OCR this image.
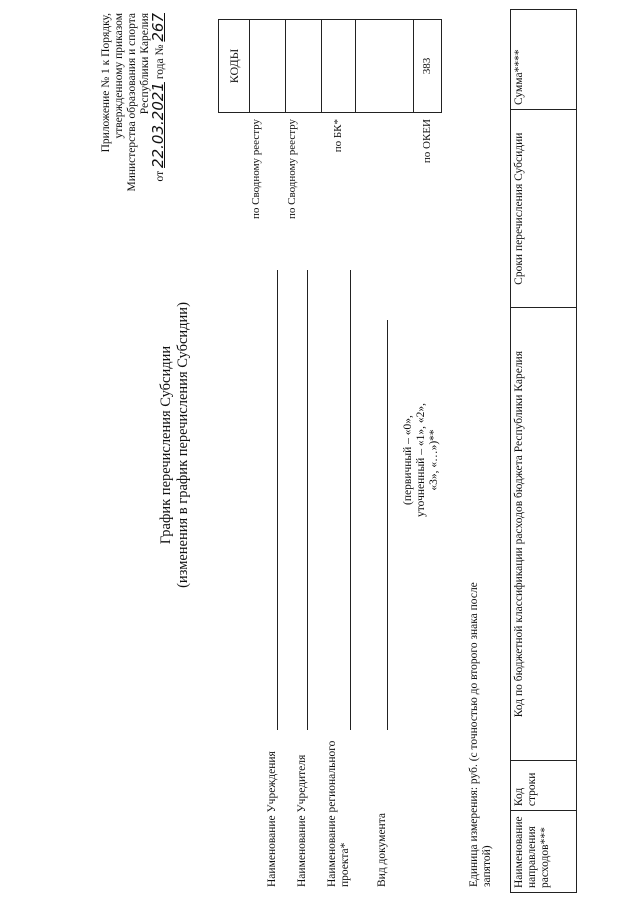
Приложение № 1 к Порядку, утвержденному приказом Министерства образования и спорта Республики Карелия
от 22.03.2021 года № 267
График перечисления Субсидии (изменения в график перечисления Субсидии)
	КОДЫ
по Сводному реестру	
по Сводному реестру	
по БК*	

по ОКЕИ	383
Наименование Учреждения Наименование Учредителя Наименование регионального проекта* Вид документа
(первичный – «0», уточненный – «1», «2», «3», «…»)**
Единица измерения: руб. (с точностью до второго знака после запятой) Наименование направления расходов***	Код строки	Код по бюджетной классификации расходов бюджета Республики Карелия	Сроки перечисления Субсидии	Сумма****
